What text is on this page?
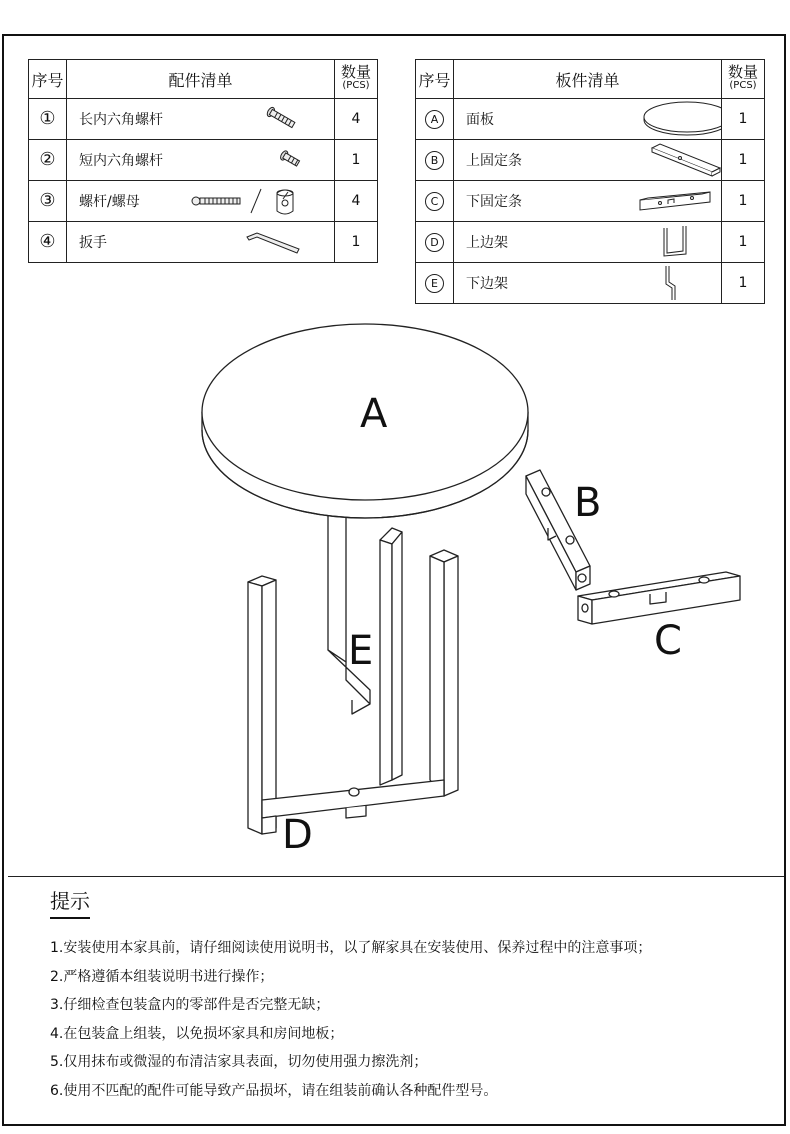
序号	配件清单	数量
(PCS)

①	长内六角螺杆	4
②	短内六角螺杆	1
③	螺杆/螺母	4
④	扳手	1
序号	板件清单	数量
(PCS)

A	面板	1
B	上固定条	1
C	下固定条	1
D	上边架	1
E	下边架	1
A
B
C
D
E
提示
1.安装使用本家具前，请仔细阅读使用说明书，以了解家具在安装使用、保养过程中的注意事项；
2.严格遵循本组装说明书进行操作；
3.仔细检查包装盒内的零部件是否完整无缺；
4.在包装盒上组装，以免损坏家具和房间地板；
5.仅用抹布或微湿的布清洁家具表面，切勿使用强力擦洗剂；
6.使用不匹配的配件可能导致产品损坏，请在组装前确认各种配件型号。
